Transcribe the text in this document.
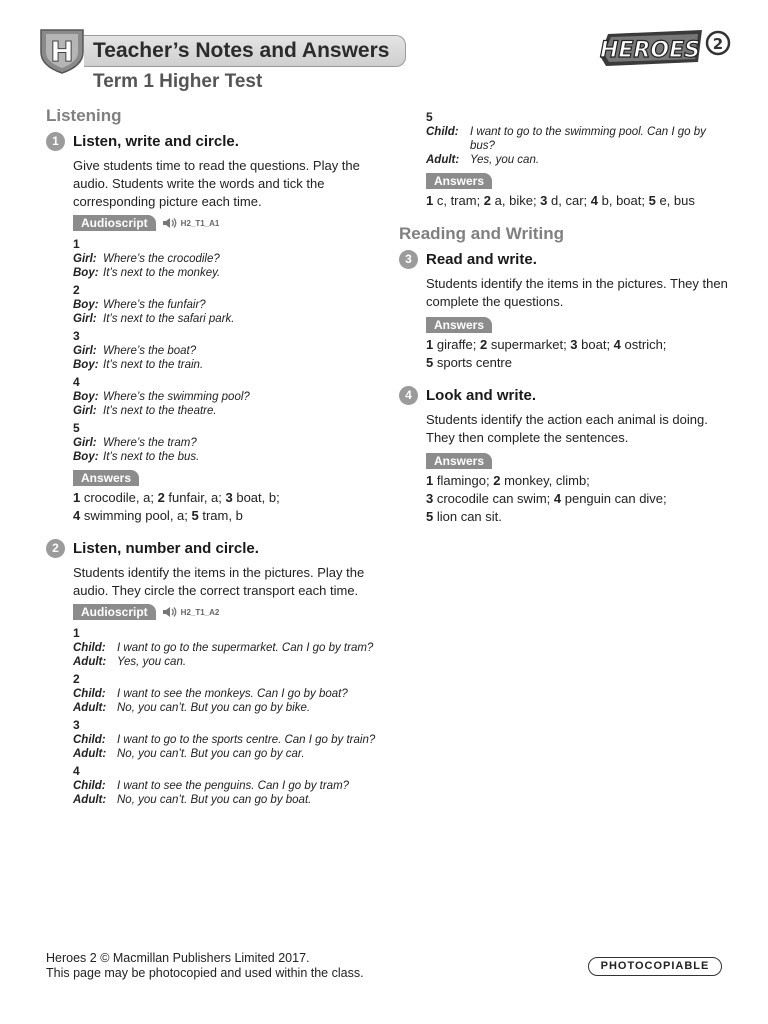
H Teacher’s Notes and Answers
Term 1 Higher Test
HEROES 2
Listening
1 Listen, write and circle.
Give students time to read the questions. Play the audio. Students write the words and tick the corresponding picture each time.
Audioscript	H2_T1_A1
1
Girl: Where’s the crocodile?
Boy: It’s next to the monkey.
2
Boy: Where’s the funfair?
Girl: It’s next to the safari park.
3
Girl: Where’s the boat?
Boy: It’s next to the train.
4
Boy: Where’s the swimming pool?
Girl: It’s next to the theatre.
5
Girl: Where’s the tram?
Boy: It’s next to the bus.
Answers
1 crocodile, a; 2 funfair, a; 3 boat, b;
4 swimming pool, a; 5 tram, b
2 Listen, number and circle.
Students identify the items in the pictures. Play the audio. They circle the correct transport each time.
Audioscript	H2_T1_A2
1
Child: I want to go to the supermarket. Can I go by tram?
Adult: Yes, you can.
2
Child: I want to see the monkeys. Can I go by boat?
Adult: No, you can’t. But you can go by bike.
3
Child: I want to go to the sports centre. Can I go by train?
Adult: No, you can’t. But you can go by car.
4
Child: I want to see the penguins. Can I go by tram?
Adult: No, you can’t. But you can go by boat.
5
Child: I want to go to the swimming pool. Can I go by bus?
Adult: Yes, you can.
Answers
1 c, tram; 2 a, bike; 3 d, car; 4 b, boat; 5 e, bus
Reading and Writing
3 Read and write.
Students identify the items in the pictures. They then complete the questions.
Answers
1 giraffe; 2 supermarket; 3 boat; 4 ostrich;
5 sports centre
4 Look and write.
Students identify the action each animal is doing. They then complete the sentences.
Answers
1 flamingo; 2 monkey, climb;
3 crocodile can swim; 4 penguin can dive;
5 lion can sit.
Heroes 2 © Macmillan Publishers Limited 2017.
This page may be photocopied and used within the class.	PHOTOCOPIABLE
